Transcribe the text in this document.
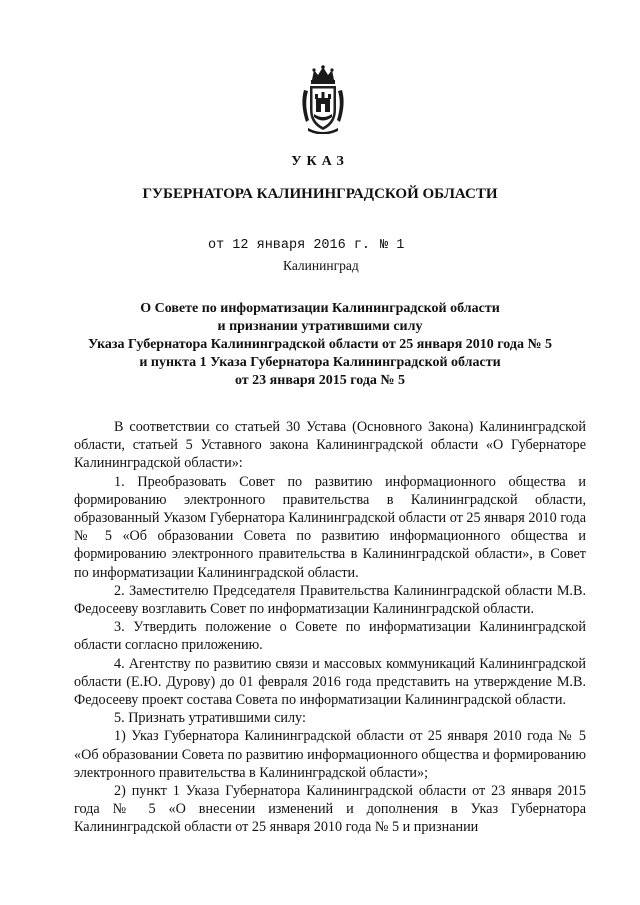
УКАЗ
ГУБЕРНАТОРА КАЛИНИНГРАДСКОЙ ОБЛАСТИ
от 12 января 2016 г. № 1
Калининград
О Совете по информатизации Калининградской области
и признании утратившими силу
Указа Губернатора Калининградской области от 25 января 2010 года № 5
и пункта 1 Указа Губернатора Калининградской области
от 23 января 2015 года № 5

В соответствии со статьей 30 Устава (Основного Закона) Калининградской области, статьей 5 Уставного закона Калининградской области «О Губернаторе Калининградской области»:

1. Преобразовать Совет по развитию информационного общества и формированию электронного правительства в Калининградской области, образованный Указом Губернатора Калининградской области от 25 января 2010 года № 5 «Об образовании Совета по развитию информационного общества и формированию электронного правительства в Калининградской области», в Совет по информатизации Калининградской области.

2. Заместителю Председателя Правительства Калининградской области М.В. Федосееву возглавить Совет по информатизации Калининградской области.

3. Утвердить положение о Совете по информатизации Калининградской области согласно приложению.

4. Агентству по развитию связи и массовых коммуникаций Калининградской области (Е.Ю. Дурову) до 01 февраля 2016 года представить на утверждение М.В. Федосееву проект состава Совета по информатизации Калининградской области.

5. Признать утратившими силу:

1) Указ Губернатора Калининградской области от 25 января 2010 года № 5 «Об образовании Совета по развитию информационного общества и формированию электронного правительства в Калининградской области»;

2) пункт 1 Указа Губернатора Калининградской области от 23 января 2015 года № 5 «О внесении изменений и дополнения в Указ Губернатора Калининградской области от 25 января 2010 года № 5 и признании
